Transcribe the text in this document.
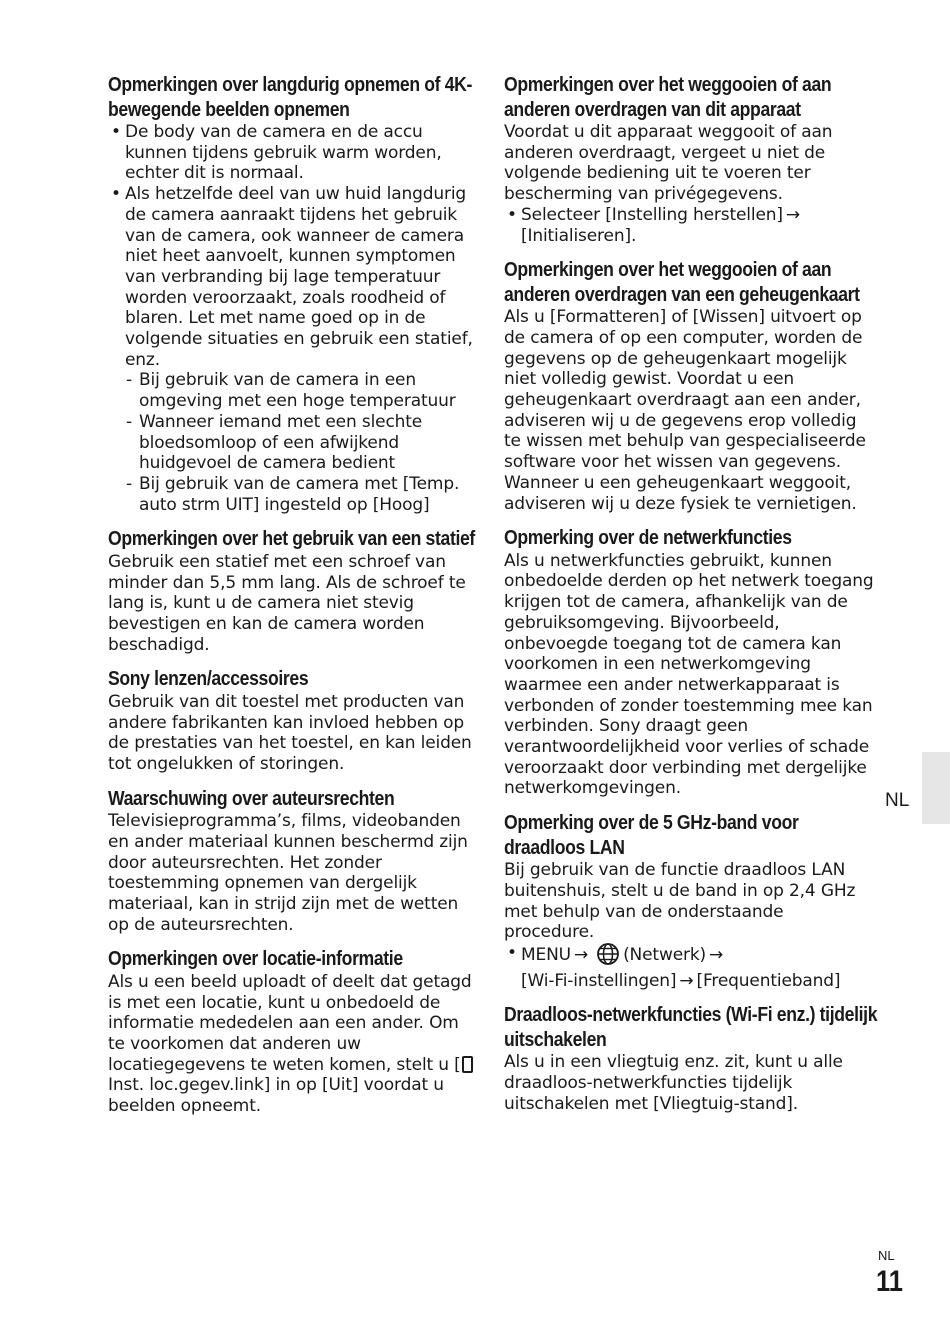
Opmerkingen over langdurig opnemen of 4K-bewegende beelden opnemen
• De body van de camera en de accu kunnen tijdens gebruik warm worden, echter dit is normaal.
• Als hetzelfde deel van uw huid langdurig de camera aanraakt tijdens het gebruik van de camera, ook wanneer de camera niet heet aanvoelt, kunnen symptomen van verbranding bij lage temperatuur worden veroorzaakt, zoals roodheid of blaren. Let met name goed op in de volgende situaties en gebruik een statief, enz.
- Bij gebruik van de camera in een omgeving met een hoge temperatuur
- Wanneer iemand met een slechte bloedsomloop of een afwijkend huidgevoel de camera bedient
- Bij gebruik van de camera met [Temp. auto strm UIT] ingesteld op [Hoog]
Opmerkingen over het gebruik van een statief

Gebruik een statief met een schroef van minder dan 5,5 mm lang. Als de schroef te lang is, kunt u de camera niet stevig bevestigen en kan de camera worden beschadigd.

Sony lenzen/accessoires

Gebruik van dit toestel met producten van andere fabrikanten kan invloed hebben op de prestaties van het toestel, en kan leiden tot ongelukken of storingen.

Waarschuwing over auteursrechten

Televisieprogramma’s, films, videobanden en ander materiaal kunnen beschermd zijn door auteursrechten. Het zonder toestemming opnemen van dergelijk materiaal, kan in strijd zijn met de wetten op de auteursrechten.

Opmerkingen over locatie-informatie

Als u een beeld uploadt of deelt dat getagd is met een locatie, kunt u onbedoeld de informatie mededelen aan een ander. Om te voorkomen dat anderen uw locatiegegevens te weten komen, stelt u [ Inst. loc.gegev.link] in op [Uit] voordat u beelden opneemt.

Opmerkingen over het weggooien of aan anderen overdragen van dit apparaat

Voordat u dit apparaat weggooit of aan anderen overdraagt, vergeet u niet de volgende bediening uit te voeren ter bescherming van privégegevens.

• Selecteer [Instelling herstellen] →
[Initialiseren].
Opmerkingen over het weggooien of aan anderen overdragen van een geheugenkaart

Als u [Formatteren] of [Wissen] uitvoert op de camera of op een computer, worden de gegevens op de geheugenkaart mogelijk niet volledig gewist. Voordat u een geheugenkaart overdraagt aan een ander, adviseren wij u de gegevens erop volledig te wissen met behulp van gespecialiseerde software voor het wissen van gegevens. Wanneer u een geheugenkaart weggooit, adviseren wij u deze fysiek te vernietigen.

Opmerking over de netwerkfuncties

Als u netwerkfuncties gebruikt, kunnen onbedoelde derden op het netwerk toegang krijgen tot de camera, afhankelijk van de gebruiksomgeving. Bijvoorbeeld, onbevoegde toegang tot de camera kan voorkomen in een netwerkomgeving waarmee een ander netwerkapparaat is verbonden of zonder toestemming mee kan verbinden. Sony draagt geen verantwoordelijkheid voor verlies of schade veroorzaakt door verbinding met dergelijke netwerkomgevingen.

Opmerking over de 5 GHz-band voor draadloos LAN

Bij gebruik van de functie draadloos LAN buitenshuis, stelt u de band in op 2,4 GHz met behulp van de onderstaande procedure.

• MENU → (Netwerk) →
[Wi-Fi-instellingen] → [Frequentieband]
Draadloos-netwerkfuncties (Wi-Fi enz.) tijdelijk uitschakelen

Als u in een vliegtuig enz. zit, kunt u alle draadloos-netwerkfuncties tijdelijk uitschakelen met [Vliegtuig-stand].

NL
NL
11
